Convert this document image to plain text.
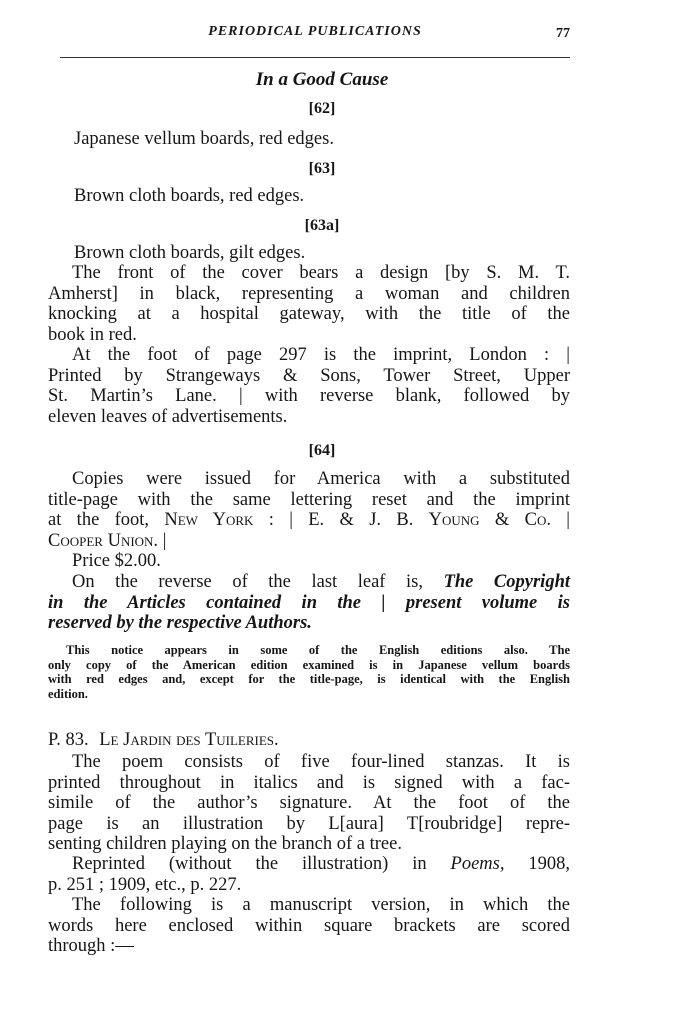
PERIODICAL PUBLICATIONS	77
In a Good Cause
[62]
Japanese vellum boards, red edges.
[63]
Brown cloth boards, red edges.
[63a]
Brown cloth boards, gilt edges.

The front of the cover bears a design [by S. M. T.

Amherst] in black, representing a woman and children

knocking at a hospital gateway, with the title of the

book in red.

At the foot of page 297 is the imprint, London : |

Printed by Strangeways & Sons, Tower Street, Upper

St. Martin’s Lane. | with reverse blank, followed by

eleven leaves of advertisements.

[64]

Copies were issued for America with a substituted

title-page with the same lettering reset and the imprint

at the foot, New York : | E. & J. B. Young & Co. |

Cooper Union. |

Price $2.00.

On the reverse of the last leaf is, The Copyright

in the Articles contained in the | present volume is

reserved by the respective Authors.

This notice appears in some of the English editions also. The

only copy of the American edition examined is in Japanese vellum boards

with red edges and, except for the title-page, is identical with the English

edition.

P. 83. Le Jardin des Tuileries.

The poem consists of five four-lined stanzas. It is

printed throughout in italics and is signed with a fac-

simile of the author’s signature. At the foot of the

page is an illustration by L[aura] T[roubridge] repre-

senting children playing on the branch of a tree.

Reprinted (without the illustration) in Poems, 1908,

p. 251 ; 1909, etc., p. 227.

The following is a manuscript version, in which the

words here enclosed within square brackets are scored

through :—
